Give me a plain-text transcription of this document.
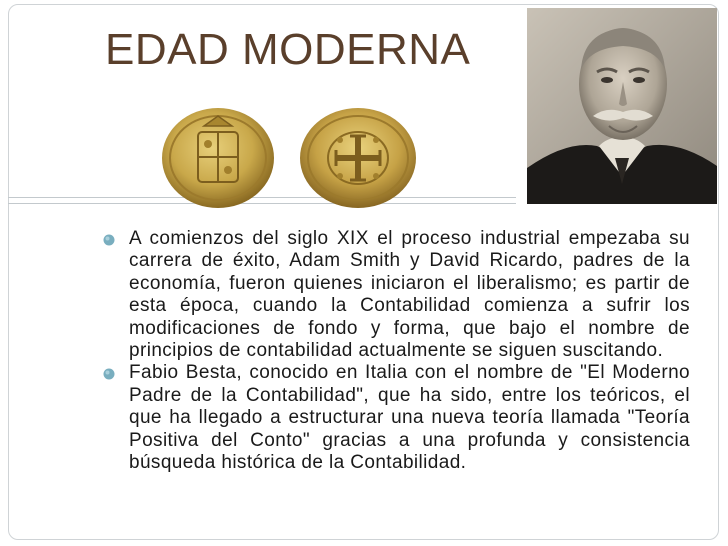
EDAD MODERNA
A comienzos del siglo XIX el proceso industrial empezaba su carrera de éxito, Adam Smith y David Ricardo, padres de la economía, fueron quienes iniciaron el liberalismo; es partir de esta época, cuando la Contabilidad comienza a sufrir los modificaciones de fondo y forma, que bajo el nombre de principios de contabilidad actualmente se siguen suscitando.
Fabio Besta, conocido en Italia con el nombre de "El Moderno Padre de la Contabilidad", que ha sido, entre los teóricos, el que ha llegado a estructurar una nueva teoría llamada "Teoría Positiva del Conto" gracias a una profunda y consistencia búsqueda histórica de la Contabilidad.
